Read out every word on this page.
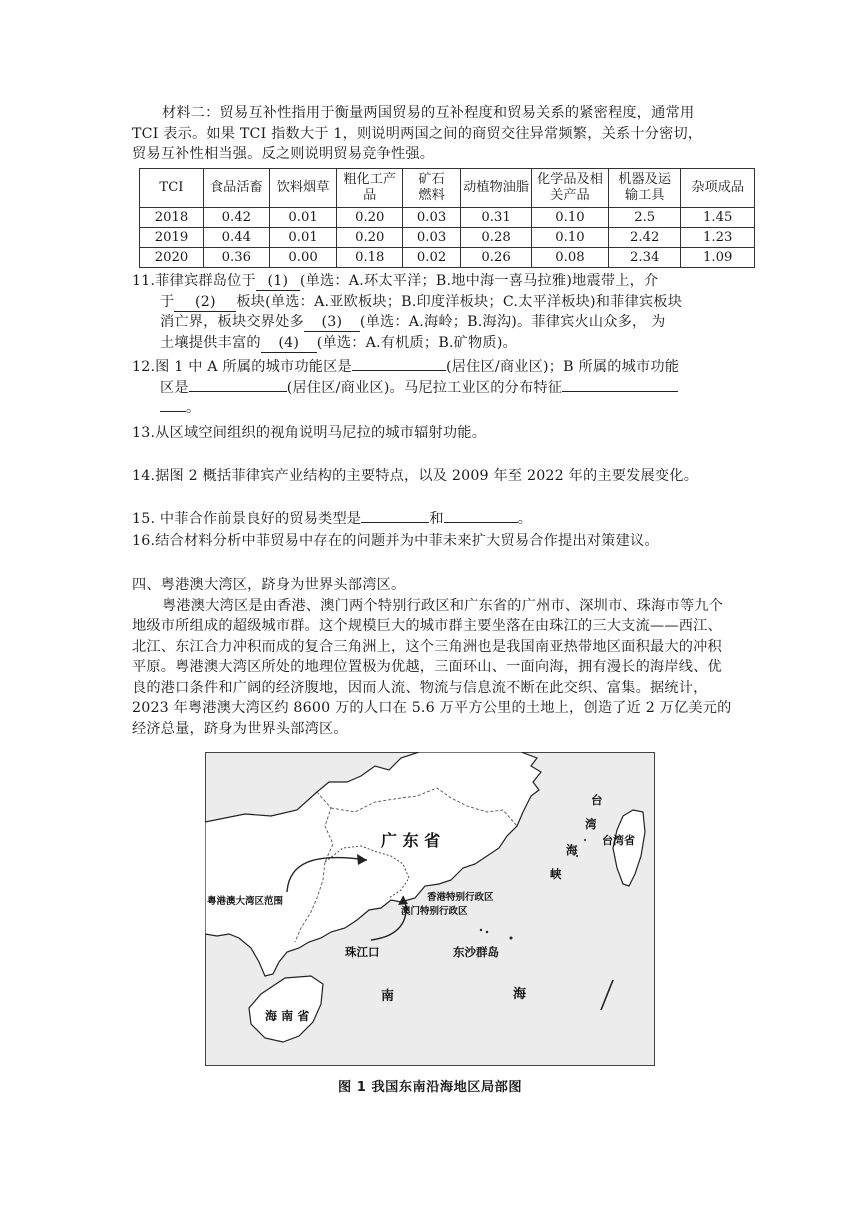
材料二：贸易互补性指用于衡量两国贸易的互补程度和贸易关系的紧密程度，通常用

TCI 表示。如果 TCI 指数大于 1，则说明两国之间的商贸交往异常频繁，关系十分密切，

贸易互补性相当强。反之则说明贸易竞争性强。

TCI	食品活畜	饮料烟草	粗化工产品	矿石燃料	动植物油脂	化学品及相关产品	机器及运输工具	杂项成品
2018	0.42	0.01	0.20	0.03	0.31	0.10	2.5	1.45
2019	0.44	0.01	0.20	0.03	0.28	0.10	2.42	1.23
2020	0.36	0.00	0.18	0.02	0.26	0.08	2.34	1.09

11.菲律宾群岛位于 (1) (单选：A.环太平洋；B.地中海一喜马拉雅)地震带上，介
于 (2) 板块(单选：A.亚欧板块；B.印度洋板块；C.太平洋板块)和菲律宾板块
消亡界，板块交界处多 (3) (单选：A.海岭；B.海沟)。菲律宾火山众多， 为
土壤提供丰富的 (4) (单选：A.有机质；B.矿物质)。

12.图 1 中 A 所属的城市功能区是	(居住区/商业区)；B 所属的城市功能
区是	(居住区/商业区)。马尼拉工业区的分布特征
。

13.从区域空间组织的视角说明马尼拉的城市辐射功能。

14.据图 2 概括菲律宾产业结构的主要特点，以及 2009 年至 2022 年的主要发展变化。

15. 中菲合作前景良好的贸易类型是	和	。

16.结合材料分析中菲贸易中存在的问题并为中菲未来扩大贸易合作提出对策建议。

四、粤港澳大湾区，跻身为世界头部湾区。

粤港澳大湾区是由香港、澳门两个特别行政区和广东省的广州市、深圳市、珠海市等九个地级市所组成的超级城市群。这个规模巨大的城市群主要坐落在由珠江的三大支流——西江、北江、东江合力冲积而成的复合三角洲上，这个三角洲也是我国南亚热带地区面积最大的冲积平原。粤港澳大湾区所处的地理位置极为优越，三面环山、一面向海，拥有漫长的海岸线、优良的港口条件和广阔的经济腹地，因而人流、物流与信息流不断在此交织、富集。据统计，2023 年粤港澳大湾区约 8600 万的人口在 5.6 万平方公里的土地上，创造了近 2 万亿美元的经济总量，跻身为世界头部湾区。

广 东 省
粤港澳大湾区范围	香港特别行政区
澳门特别行政区
珠江口	东沙群岛
南	海
海 南 省
台湾省
台
湾
海
峡
图 1 我国东南沿海地区局部图
